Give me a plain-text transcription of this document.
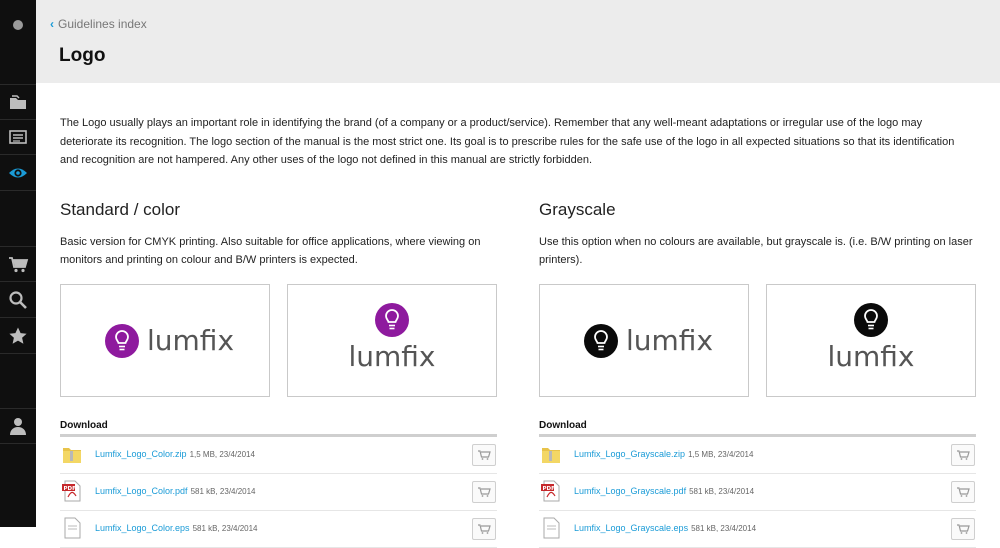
‹ Guidelines index
Logo

The Logo usually plays an important role in identifying the brand (of a company or a product/service). Remember that any well-meant adaptations or irregular use of the logo may deteriorate its recognition. The logo section of the manual is the most strict one. Its goal is to prescribe rules for the safe use of the logo in all expected situations so that its identification and recognition are not hampered. Any other uses of the logo not defined in this manual are strictly forbidden.

Standard / color

Basic version for CMYK printing. Also suitable for office applications, where viewing on monitors and printing on colour and B/W printers is expected.

lumfix	lumfix
Download
Lumfix_Logo_Color.zip 1,5 MB, 23/4/2014
PDF Lumfix_Logo_Color.pdf 581 kB, 23/4/2014
Lumfix_Logo_Color.eps 581 kB, 23/4/2014
Grayscale

Use this option when no colours are available, but grayscale is. (i.e. B/W printing on laser printers).

lumfix	lumfix
Download
Lumfix_Logo_Grayscale.zip 1,5 MB, 23/4/2014
PDF Lumfix_Logo_Grayscale.pdf 581 kB, 23/4/2014
Lumfix_Logo_Grayscale.eps 581 kB, 23/4/2014
